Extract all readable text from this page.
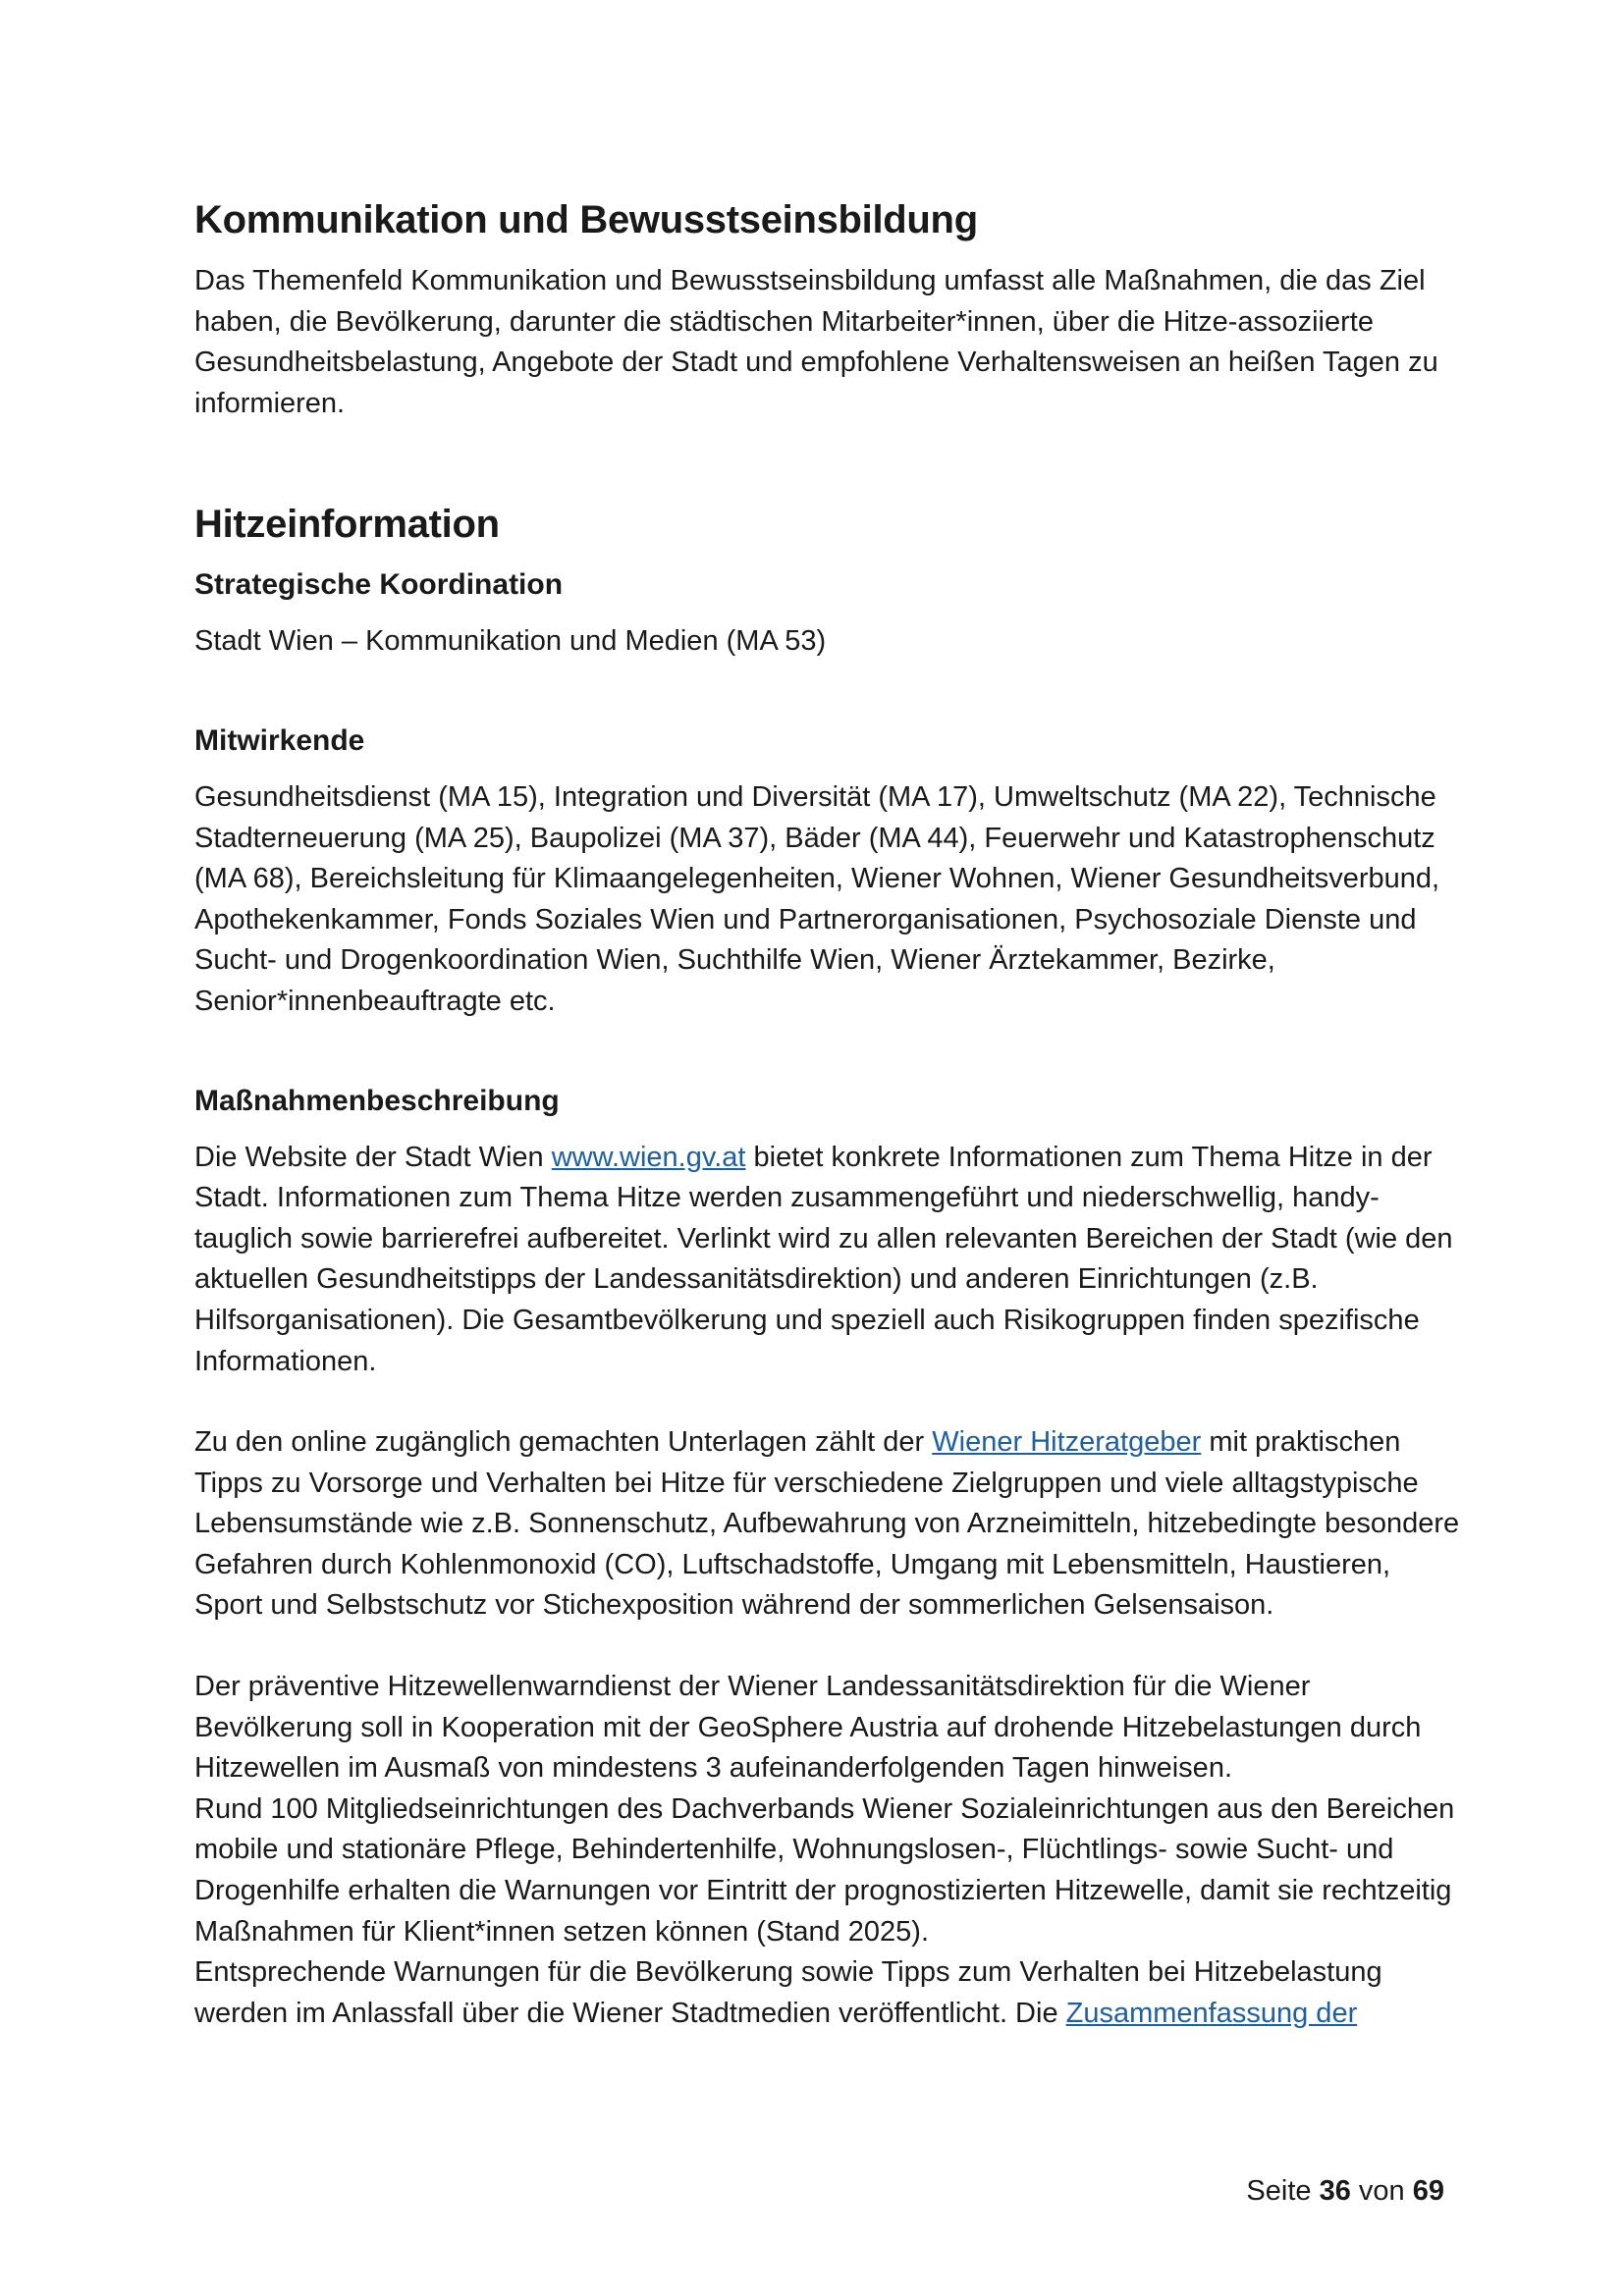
Kommunikation und Bewusstseinsbildung

Das Themenfeld Kommunikation und Bewusstseinsbildung umfasst alle Maßnahmen, die das Ziel haben, die Bevölkerung, darunter die städtischen Mitarbeiter*innen, über die Hitze-assoziierte Gesundheitsbelastung, Angebote der Stadt und empfohlene Verhaltensweisen an heißen Tagen zu informieren.

Hitzeinformation
Strategische Koordination

Stadt Wien – Kommunikation und Medien (MA 53)

Mitwirkende

Gesundheitsdienst (MA 15), Integration und Diversität (MA 17), Umweltschutz (MA 22), Technische Stadterneuerung (MA 25), Baupolizei (MA 37), Bäder (MA 44), Feuerwehr und Katastrophenschutz (MA 68), Bereichsleitung für Klimaangelegenheiten, Wiener Wohnen, Wiener Gesundheitsverbund, Apothekenkammer, Fonds Soziales Wien und Partnerorganisationen, Psychosoziale Dienste und Sucht- und Drogenkoordination Wien, Suchthilfe Wien, Wiener Ärztekammer, Bezirke, Senior*innenbeauftragte etc.

Maßnahmenbeschreibung

Die Website der Stadt Wien www.wien.gv.at bietet konkrete Informationen zum Thema Hitze in der Stadt. Informationen zum Thema Hitze werden zusammengeführt und niederschwellig, handy-tauglich sowie barrierefrei aufbereitet. Verlinkt wird zu allen relevanten Bereichen der Stadt (wie den aktuellen Gesundheitstipps der Landessanitätsdirektion) und anderen Einrichtungen (z.B. Hilfsorganisationen). Die Gesamtbevölkerung und speziell auch Risikogruppen finden spezifische Informationen.

Zu den online zugänglich gemachten Unterlagen zählt der Wiener Hitzeratgeber mit praktischen Tipps zu Vorsorge und Verhalten bei Hitze für verschiedene Zielgruppen und viele alltagstypische Lebensumstände wie z.B. Sonnenschutz, Aufbewahrung von Arzneimitteln, hitzebedingte besondere Gefahren durch Kohlenmonoxid (CO), Luftschadstoffe, Umgang mit Lebensmitteln, Haustieren, Sport und Selbstschutz vor Stichexposition während der sommerlichen Gelsensaison.

Der präventive Hitzewellenwarndienst der Wiener Landessanitätsdirektion für die Wiener Bevölkerung soll in Kooperation mit der GeoSphere Austria auf drohende Hitzebelastungen durch Hitzewellen im Ausmaß von mindestens 3 aufeinanderfolgenden Tagen hinweisen.
Rund 100 Mitgliedseinrichtungen des Dachverbands Wiener Sozialeinrichtungen aus den Bereichen mobile und stationäre Pflege, Behindertenhilfe, Wohnungslosen-, Flüchtlings- sowie Sucht- und Drogenhilfe erhalten die Warnungen vor Eintritt der prognostizierten Hitzewelle, damit sie rechtzeitig Maßnahmen für Klient*innen setzen können (Stand 2025).
Entsprechende Warnungen für die Bevölkerung sowie Tipps zum Verhalten bei Hitzebelastung werden im Anlassfall über die Wiener Stadtmedien veröffentlicht. Die Zusammenfassung der

Seite 36 von 69
